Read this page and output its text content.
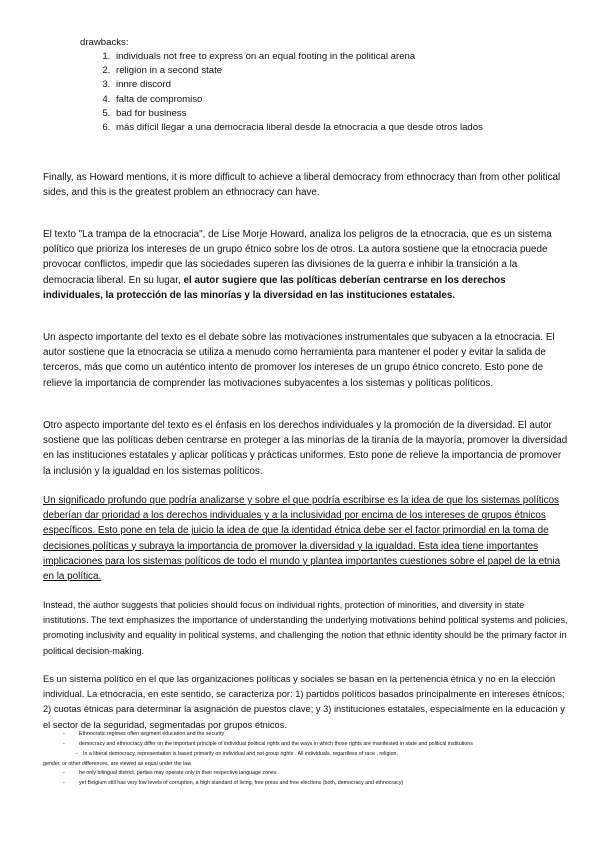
drawbacks:
1. individuals not free to express on an equal footing in the political arena
2. religion in a second state
3. innre discord
4. falta de compromiso
5. bad for business
6. más difícil llegar a una democracia liberal desde la etnocracia a que desde otros lados
Finally, as Howard mentions, it is more difficult to achieve a liberal democracy from ethnocracy than from other political sides, and this is the greatest problem an ethnocracy can have.
El texto "La trampa de la etnocracia", de Lise Morje Howard, analiza los peligros de la etnocracia, que es un sistema político que prioriza los intereses de un grupo étnico sobre los de otros. La autora sostiene que la etnocracia puede provocar conflictos, impedir que las sociedades superen las divisiones de la guerra e inhibir la transición a la democracia liberal. En su lugar, el autor sugiere que las políticas deberían centrarse en los derechos individuales, la protección de las minorías y la diversidad en las instituciones estatales.
Un aspecto importante del texto es el debate sobre las motivaciones instrumentales que subyacen a la etnocracia. El autor sostiene que la etnocracia se utiliza a menudo como herramienta para mantener el poder y evitar la salida de terceros, más que como un auténtico intento de promover los intereses de un grupo étnico concreto. Esto pone de relieve la importancia de comprender las motivaciones subyacentes a los sistemas y políticas políticos.
Otro aspecto importante del texto es el énfasis en los derechos individuales y la promoción de la diversidad. El autor sostiene que las políticas deben centrarse en proteger a las minorías de la tiranía de la mayoría, promover la diversidad en las instituciones estatales y aplicar políticas y prácticas uniformes. Esto pone de relieve la importancia de promover la inclusión y la igualdad en los sistemas políticos.
Un significado profundo que podría analizarse y sobre el que podría escribirse es la idea de que los sistemas políticos deberían dar prioridad a los derechos individuales y a la inclusividad por encima de los intereses de grupos étnicos específicos. Esto pone en tela de juicio la idea de que la identidad étnica debe ser el factor primordial en la toma de decisiones políticas y subraya la importancia de promover la diversidad y la igualdad. Esta idea tiene importantes implicaciones para los sistemas políticos de todo el mundo y plantea importantes cuestiones sobre el papel de la etnia en la política.
Instead, the author suggests that policies should focus on individual rights, protection of minorities, and diversity in state institutions. The text emphasizes the importance of understanding the underlying motivations behind political systems and policies, promoting inclusivity and equality in political systems, and challenging the notion that ethnic identity should be the primary factor in political decision-making.
Es un sistema político en el que las organizaciones políticas y sociales se basan en la pertenencia étnica y no en la elección individual. La etnocracia, en este sentido, se caracteriza por: 1) partidos políticos basados principalmente en intereses étnicos; 2) cuotas étnicas para determinar la asignación de puestos clave; y 3) instituciones estatales, especialmente en la educación y el sector de la seguridad, segmentadas por grupos étnicos.
-	Ethnocratic regimes often segment education and the security
-	democracy and ethnocracy differ on the important principle of individual political rights and the ways in which those rights are manifested in state and political institutions
- In a liberal democracy, representation is based primarily on individual and not group rights . All individuals, regardless of race , religion,
gender, or other differences, are viewed as equal under the law
-	he only bilingual district, parties may operate only in their respective language zones .
-	yet Belgium still has very low levels of corruption, a high standard of living, free press and free elections (both, democracy and ethnocracy)
